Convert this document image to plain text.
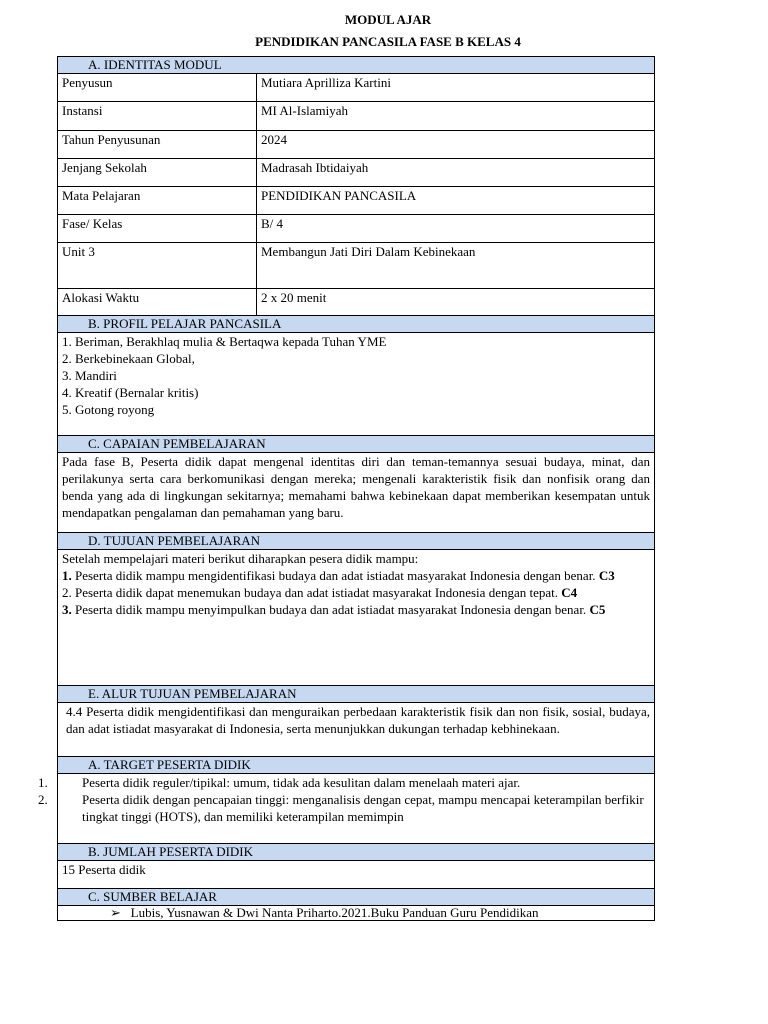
MODUL AJAR
PENDIDIKAN PANCASILA FASE B KELAS 4
A. IDENTITAS MODUL	
Penyusun	Mutiara Aprilliza Kartini
Instansi	MI Al-Islamiyah
Tahun Penyusunan	2024
Jenjang Sekolah	Madrasah Ibtidaiyah
Mata Pelajaran	PENDIDIKAN PANCASILA
Fase/ Kelas	B/ 4
Unit 3	Membangun Jati Diri Dalam Kebinekaan
Alokasi Waktu	2 x 20 menit
B. PROFIL PELAJAR PANCASILA	

1. Beriman, Berakhlaq mulia & Bertaqwa kepada Tuhan YME
2. Berkebinekaan Global,
3. Mandiri
4. Kreatif (Bernalar kritis)
5. Gotong royong	

C. CAPAIAN PEMBELAJARAN	
Pada fase B, Peserta didik dapat mengenal identitas diri dan teman-temannya sesuai budaya, minat, dan perilakunya serta cara berkomunikasi dengan mereka; mengenali karakteristik fisik dan nonfisik orang dan benda yang ada di lingkungan sekitarnya; memahami bahwa kebinekaan dapat memberikan kesempatan untuk mendapatkan pengalaman dan pemahaman yang baru.	
D. TUJUAN PEMBELAJARAN	

Setelah mempelajari materi berikut diharapkan pesera didik mampu:
1. Peserta didik mampu mengidentifikasi budaya dan adat istiadat masyarakat Indonesia dengan benar. C3
2. Peserta didik dapat menemukan budaya dan adat istiadat masyarakat Indonesia dengan tepat. C4
3. Peserta didik mampu menyimpulkan budaya dan adat istiadat masyarakat Indonesia dengan benar. C5	

E. ALUR TUJUAN PEMBELAJARAN	
4.4 Peserta didik mengidentifikasi dan menguraikan perbedaan karakteristik fisik dan non fisik, sosial, budaya, dan adat istiadat masyarakat di Indonesia, serta menunjukkan dukungan terhadap kebhinekaan.	
A. TARGET PESERTA DIDIK	

1. Peserta didik reguler/tipikal: umum, tidak ada kesulitan dalam menelaah materi ajar.
2. Peserta didik dengan pencapaian tinggi: menganalisis dengan cepat, mampu mencapai keterampilan berfikir tingkat tinggi (HOTS), dan memiliki keterampilan memimpin	

B. JUMLAH PESERTA DIDIK	
15 Peserta didik	
C. SUMBER BELAJAR	

➢ Lubis, Yusnawan & Dwi Nanta Priharto.2021.Buku Panduan Guru Pendidikan	
